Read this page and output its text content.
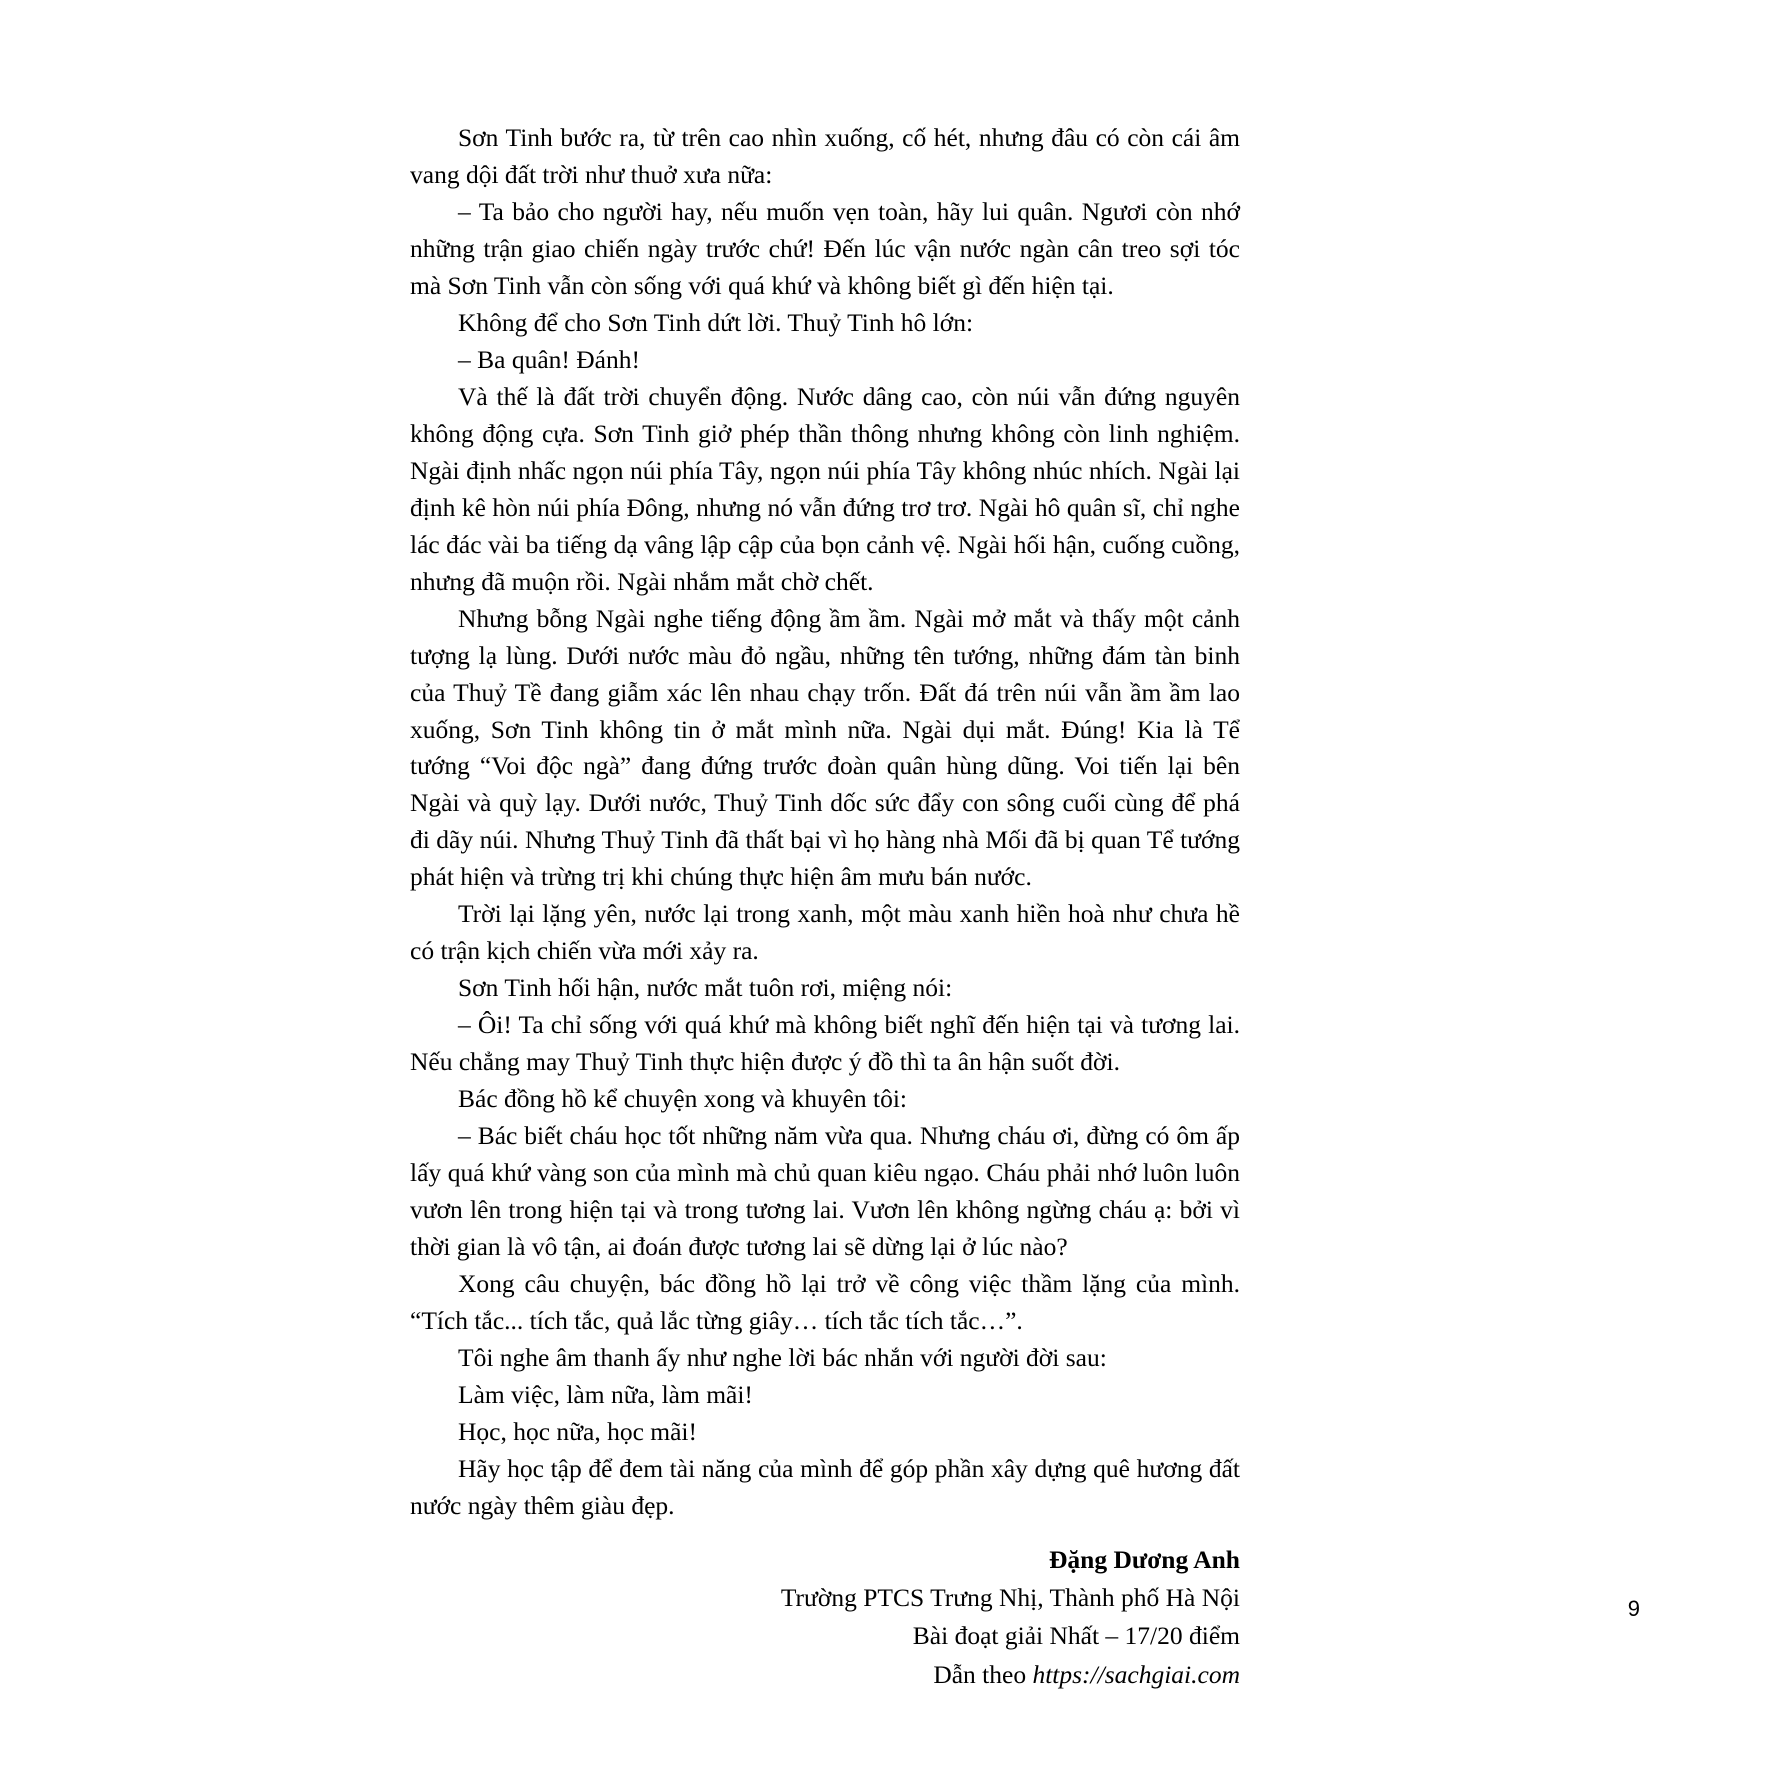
Sơn Tinh bước ra, từ trên cao nhìn xuống, cố hét, nhưng đâu có còn cái âm vang dội đất trời như thuở xưa nữa:

– Ta bảo cho người hay, nếu muốn vẹn toàn, hãy lui quân. Ngươi còn nhớ những trận giao chiến ngày trước chứ! Đến lúc vận nước ngàn cân treo sợi tóc mà Sơn Tinh vẫn còn sống với quá khứ và không biết gì đến hiện tại.

Không để cho Sơn Tinh dứt lời. Thuỷ Tinh hô lớn:

– Ba quân! Đánh!

Và thế là đất trời chuyển động. Nước dâng cao, còn núi vẫn đứng nguyên không động cựa. Sơn Tinh giở phép thần thông nhưng không còn linh nghiệm. Ngài định nhấc ngọn núi phía Tây, ngọn núi phía Tây không nhúc nhích. Ngài lại định kê hòn núi phía Đông, nhưng nó vẫn đứng trơ trơ. Ngài hô quân sĩ, chỉ nghe lác đác vài ba tiếng dạ vâng lập cập của bọn cảnh vệ. Ngài hối hận, cuống cuồng, nhưng đã muộn rồi. Ngài nhắm mắt chờ chết.

Nhưng bỗng Ngài nghe tiếng động ầm ầm. Ngài mở mắt và thấy một cảnh tượng lạ lùng. Dưới nước màu đỏ ngầu, những tên tướng, những đám tàn binh của Thuỷ Tề đang giẫm xác lên nhau chạy trốn. Đất đá trên núi vẫn ầm ầm lao xuống, Sơn Tinh không tin ở mắt mình nữa. Ngài dụi mắt. Đúng! Kia là Tể tướng “Voi độc ngà” đang đứng trước đoàn quân hùng dũng. Voi tiến lại bên Ngài và quỳ lạy. Dưới nước, Thuỷ Tinh dốc sức đẩy con sông cuối cùng để phá đi dãy núi. Nhưng Thuỷ Tinh đã thất bại vì họ hàng nhà Mối đã bị quan Tể tướng phát hiện và trừng trị khi chúng thực hiện âm mưu bán nước.

Trời lại lặng yên, nước lại trong xanh, một màu xanh hiền hoà như chưa hề có trận kịch chiến vừa mới xảy ra.

Sơn Tinh hối hận, nước mắt tuôn rơi, miệng nói:

– Ôi! Ta chỉ sống với quá khứ mà không biết nghĩ đến hiện tại và tương lai. Nếu chẳng may Thuỷ Tinh thực hiện được ý đồ thì ta ân hận suốt đời.

Bác đồng hồ kể chuyện xong và khuyên tôi:

– Bác biết cháu học tốt những năm vừa qua. Nhưng cháu ơi, đừng có ôm ấp lấy quá khứ vàng son của mình mà chủ quan kiêu ngạo. Cháu phải nhớ luôn luôn vươn lên trong hiện tại và trong tương lai. Vươn lên không ngừng cháu ạ: bởi vì thời gian là vô tận, ai đoán được tương lai sẽ dừng lại ở lúc nào?

Xong câu chuyện, bác đồng hồ lại trở về công việc thầm lặng của mình. “Tích tắc... tích tắc, quả lắc từng giây… tích tắc tích tắc…”.

Tôi nghe âm thanh ấy như nghe lời bác nhắn với người đời sau:

Làm việc, làm nữa, làm mãi!

Học, học nữa, học mãi!

Hãy học tập để đem tài năng của mình để góp phần xây dựng quê hương đất nước ngày thêm giàu đẹp.

Đặng Dương Anh
Trường PTCS Trưng Nhị, Thành phố Hà Nội
Bài đoạt giải Nhất – 17/20 điểm
Dẫn theo https://sachgiai.com
9
